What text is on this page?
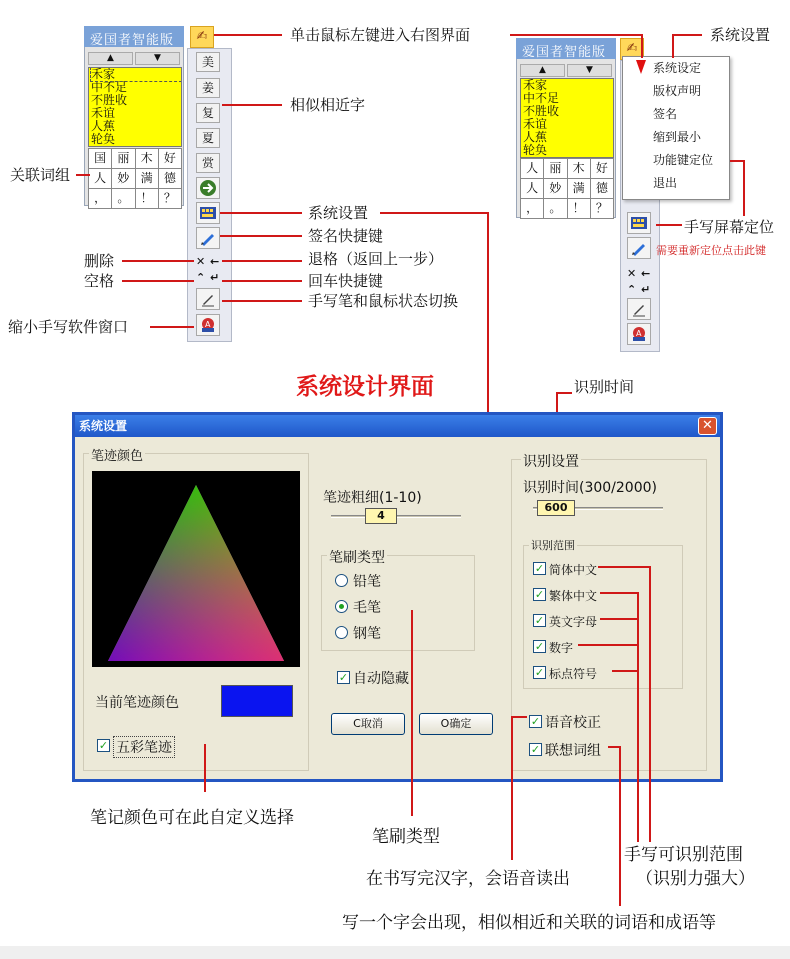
爱国者智能版	✍
▲	▼
禾家
中不足
不胜收
禾谊
人蕉
轮奂
国 丽 木 好
人 妙 满 德
， 。 ！ ？
美
姜
复
夏
赏
✕ ←
⌃ ↵
A
爱国者智能版	✍
▲	▼
禾家
中不足
不胜收
禾谊
人蕉
轮奂
人 丽 木 好
人 妙 满 德
， 。 ！ ？
✕ ←
⌃ ↵
A
系统设定
版权声明
签名
缩到最小
功能键定位
退出
单击鼠标左键进入右图界面	系统设置
相似相近字
关联词组
系统设置
签名快捷键
删除	退格（返回上一步）
空格	回车快捷键
手写笔和鼠标状态切换
缩小手写软件窗口
手写屏幕定位
需要重新定位点击此键
系统设计界面	识别时间
系统设置	✕
笔迹颜色
当前笔迹颜色
✓ 五彩笔迹
笔迹粗细(1-10)
4
笔刷类型
铅笔
毛笔
钢笔
✓ 自动隐藏
C取消	O确定
识别设置
识别时间(300/2000)
600
识别范围
✓ 简体中文
✓ 繁体中文
✓ 英文字母
✓ 数字
✓ 标点符号
✓ 语音校正
✓ 联想词组
笔记颜色可在此自定义选择
笔刷类型
在书写完汉字，会语音读出
手写可识别范围
（识别力强大）
写一个字会出现，相似相近和关联的词语和成语等
